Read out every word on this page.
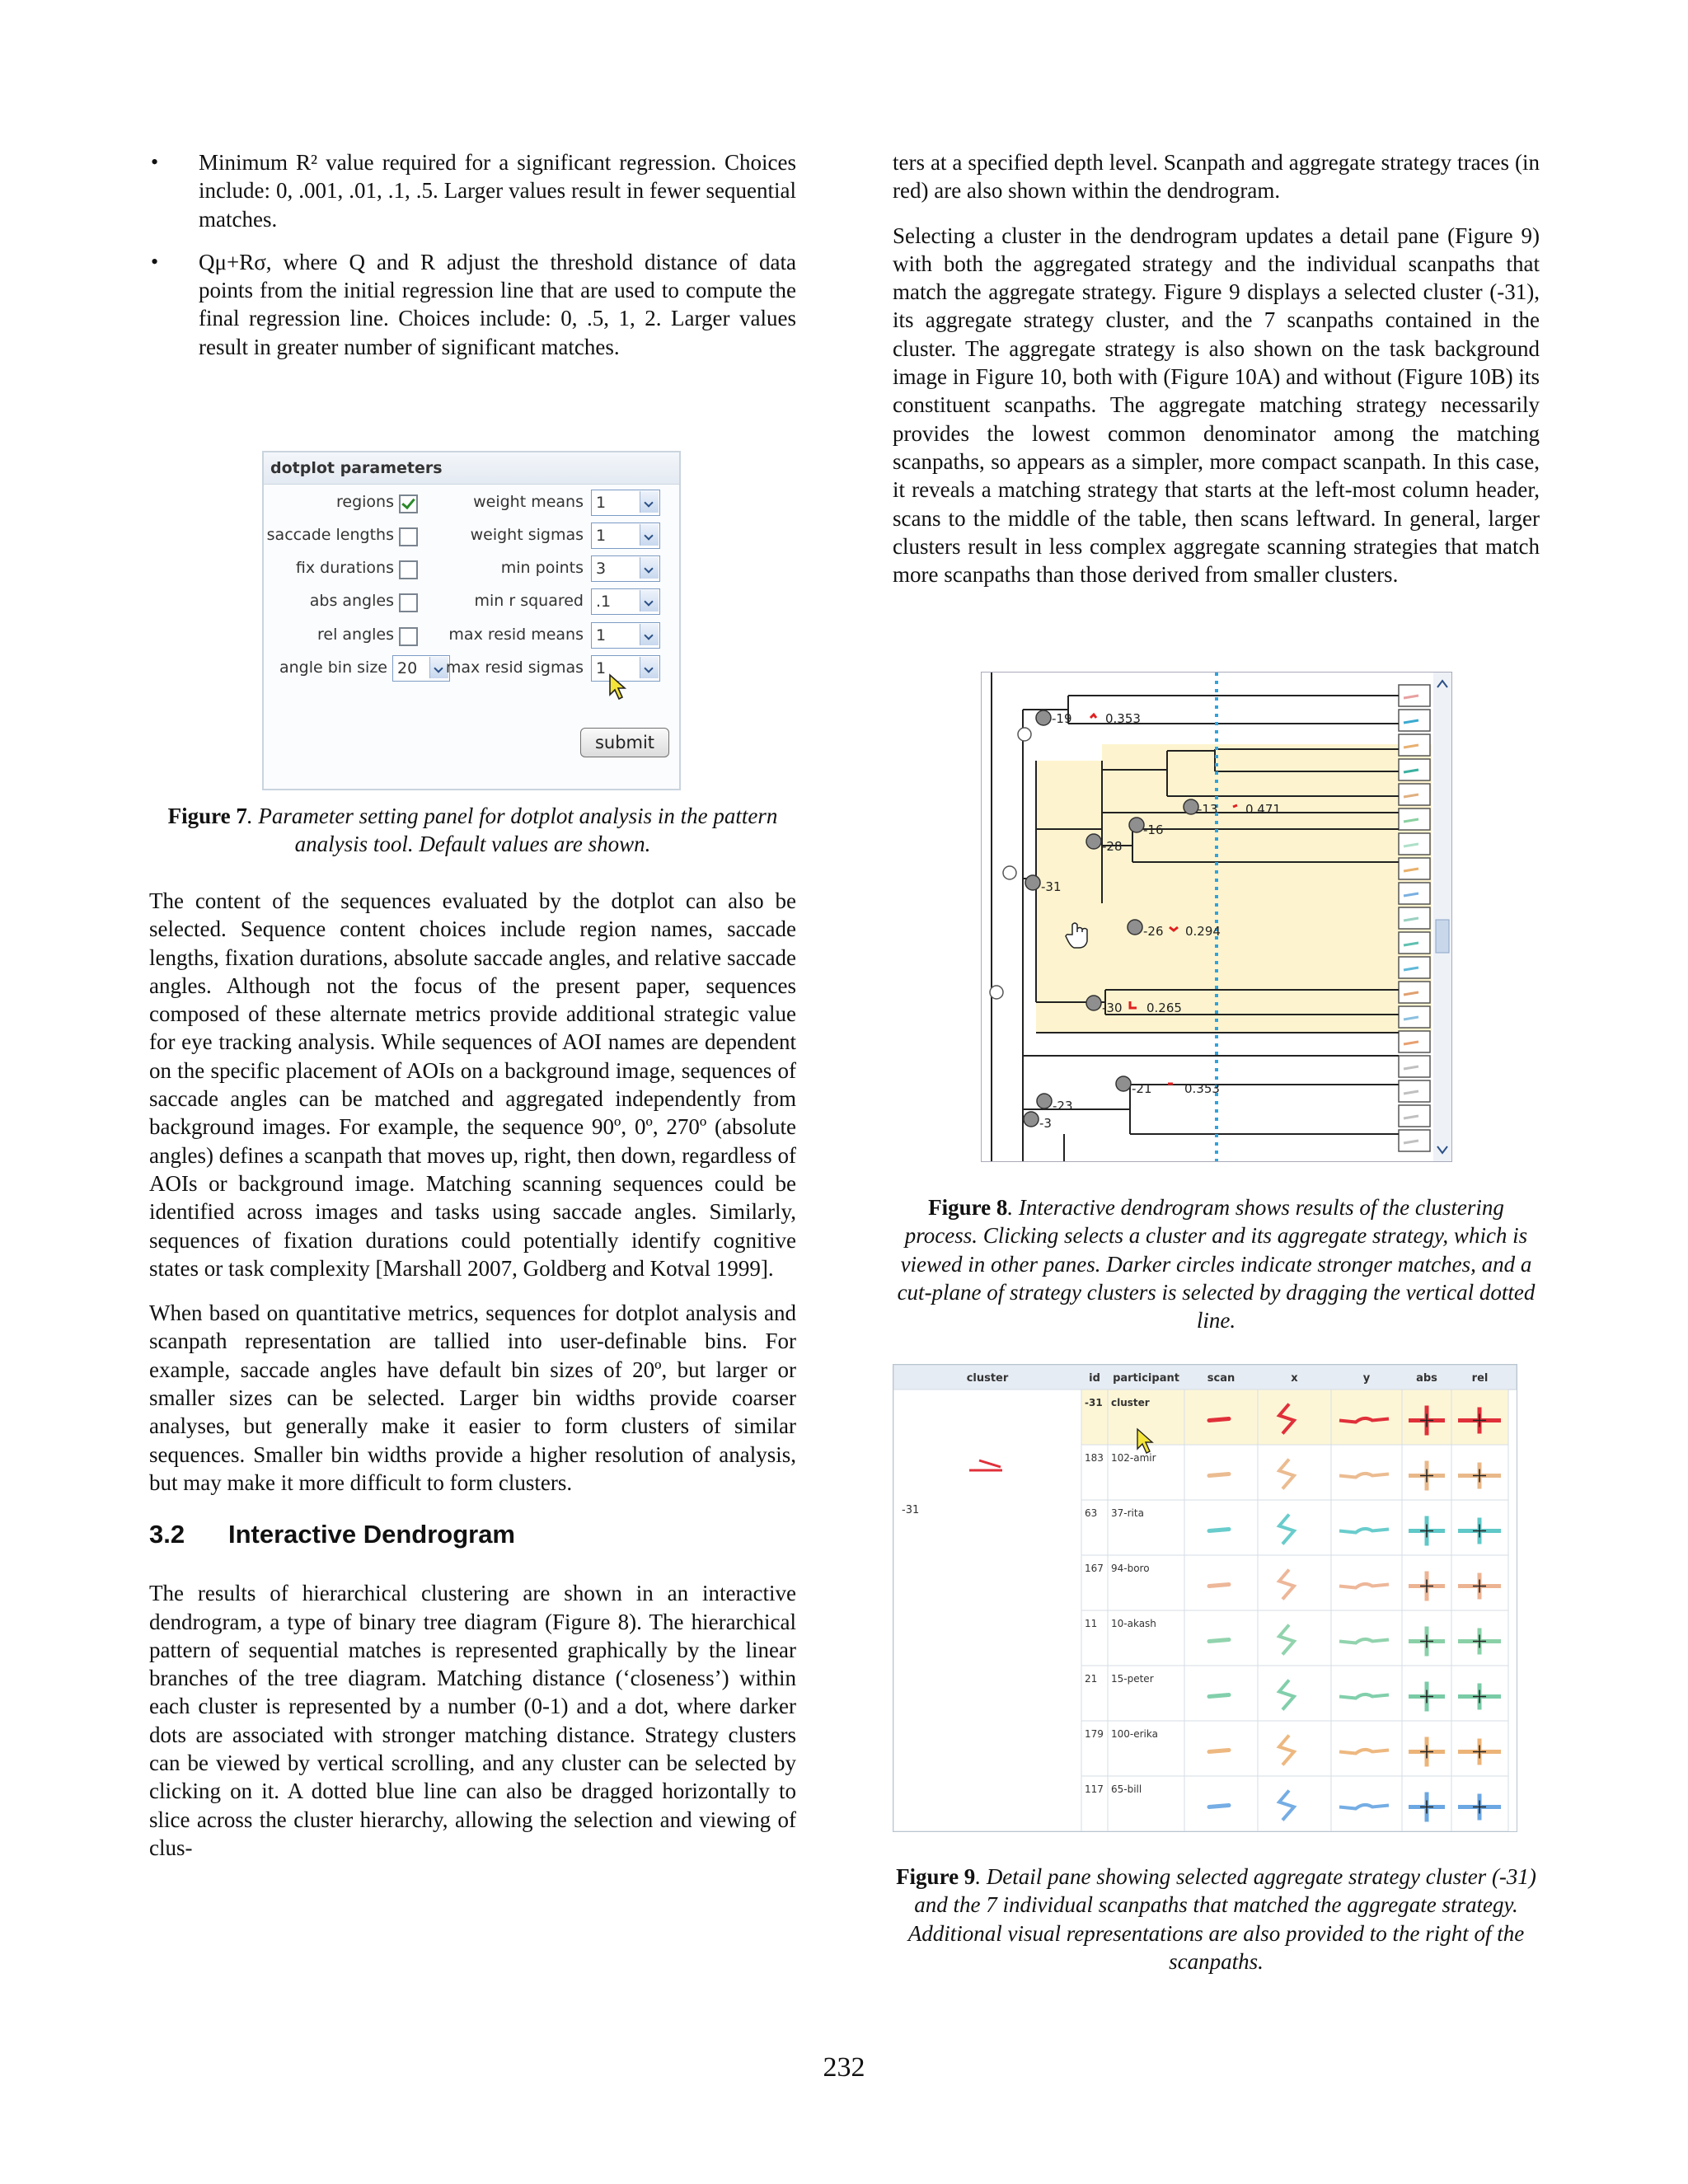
• Minimum R² value required for a significant regression. Choices include: 0, .001, .01, .1, .5. Larger values result in fewer sequential matches.
• Qμ+Rσ, where Q and R adjust the threshold distance of data points from the initial regression line that are used to compute the final regression line. Choices include: 0, .5, 1, 2. Larger values result in greater number of significant matches.
dotplot parameters
regions
saccade lengths
fix durations
abs angles
rel angles
angle bin size 20
weight means 1
weight sigmas 1
min points 3
min r squared .1
max resid means 1
max resid sigmas 1
submit

Figure 7. Parameter setting panel for dotplot analysis in the pattern analysis tool. Default values are shown.

The content of the sequences evaluated by the dotplot can also be selected. Sequence content choices include region names, saccade lengths, fixation durations, absolute saccade angles, and relative saccade angles. Although not the focus of the present paper, sequences composed of these alternate metrics provide additional strategic value for eye tracking analysis. While sequences of AOI names are dependent on the specific placement of AOIs on a background image, sequences of saccade angles can be matched and aggregated independently from background images. For example, the sequence 90º, 0º, 270º (absolute angles) defines a scanpath that moves up, right, then down, regardless of AOIs or background image. Matching scanning sequences could be identified across images and tasks using saccade angles. Similarly, sequences of fixation durations could potentially identify cognitive states or task complexity [Marshall 2007, Goldberg and Kotval 1999].

When based on quantitative metrics, sequences for dotplot analysis and scanpath representation are tallied into user-definable bins. For example, saccade angles have default bin sizes of 20º, but larger or smaller sizes can be selected. Larger bin widths provide coarser analyses, but generally make it easier to form clusters of similar sequences. Smaller bin widths provide a higher resolution of analysis, but may make it more difficult to form clusters.

3.2 Interactive Dendrogram

The results of hierarchical clustering are shown in an interactive dendrogram, a type of binary tree diagram (Figure 8). The hierarchical pattern of sequential matches is represented graphically by the linear branches of the tree diagram. Matching distance (‘closeness’) within each cluster is represented by a number (0-1) and a dot, where darker dots are associated with stronger matching distance. Strategy clusters can be viewed by vertical scrolling, and any cluster can be selected by clicking on it. A dotted blue line can also be dragged horizontally to slice across the cluster hierarchy, allowing the selection and viewing of clus-

ters at a specified depth level. Scanpath and aggregate strategy traces (in red) are also shown within the dendrogram.

Selecting a cluster in the dendrogram updates a detail pane (Figure 9) with both the aggregated strategy and the individual scanpaths that match the aggregate strategy. Figure 9 displays a selected cluster (-31), its aggregate strategy cluster, and the 7 scanpaths contained in the cluster. The aggregate strategy is also shown on the task background image in Figure 10, both with (Figure 10A) and without (Figure 10B) its constituent scanpaths. The aggregate matching strategy necessarily provides the lowest common denominator among the matching scanpaths, so appears as a simpler, more compact scanpath. In this case, it reveals a matching strategy that starts at the left-most column header, scans to the middle of the table, then scans leftward. In general, larger clusters result in less complex aggregate scanning strategies that match more scanpaths than those derived from smaller clusters.

-19	0.353
-13 0.471
-16
-28
-31
-26 0.294
-30 0.265
-21	0.353
-23
-3

Figure 8. Interactive dendrogram shows results of the clustering process. Clicking selects a cluster and its aggregate strategy, which is viewed in other panes. Darker circles indicate stronger matches, and a cut-plane of strategy clusters is selected by dragging the vertical dotted line.

cluster	id participant	scan	x	y	abs	rel
-31
-31 cluster
183 102-amir
63 37-rita
167 94-boro
11 10-akash
21 15-peter
179 100-erika
117 65-bill

Figure 9. Detail pane showing selected aggregate strategy cluster (-31) and the 7 individual scanpaths that matched the aggregate strategy. Additional visual representations are also provided to the right of the scanpaths.

232
